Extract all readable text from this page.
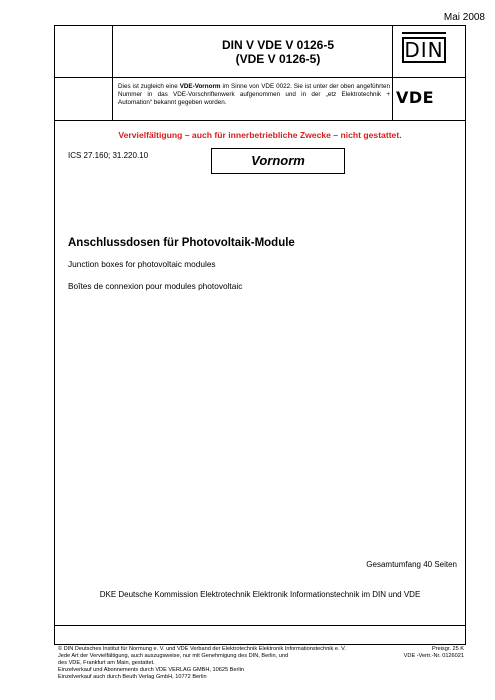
Mai 2008
DIN V VDE V 0126-5
(VDE V 0126-5)	DIN
VDE
Dies ist zugleich eine VDE-Vornorm im Sinne von VDE 0022. Sie ist unter der oben angeführten Nummer in das VDE-Vorschriftenwerk aufgenommen und in der „etz Elektrotechnik + Automation“ bekannt gegeben worden.
Vervielfältigung – auch für innerbetriebliche Zwecke – nicht gestattet.
ICS 27.160; 31.220.10	Vornorm
Anschlussdosen für Photovoltaik-Module
Junction boxes for photovoltaic modules
Boîtes de connexion pour modules photovoltaic
Gesamtumfang 40 Seiten
DKE Deutsche Kommission Elektrotechnik Elektronik Informationstechnik im DIN und VDE
© DIN Deutsches Institut für Normung e. V. und VDE Verband der Elektrotechnik Elektronik Informationstechnik e. V.
Jede Art der Vervielfältigung, auch auszugsweise, nur mit Genehmigung des DIN, Berlin, und
des VDE, Frankfurt am Main, gestattet.
Einzelverkauf und Abonnements durch VDE VERLAG GMBH, 10625 Berlin
Einzelverkauf auch durch Beuth Verlag GmbH, 10772 Berlin
Preisgr. 25 K
VDE -Vertr.-Nr. 0126021
